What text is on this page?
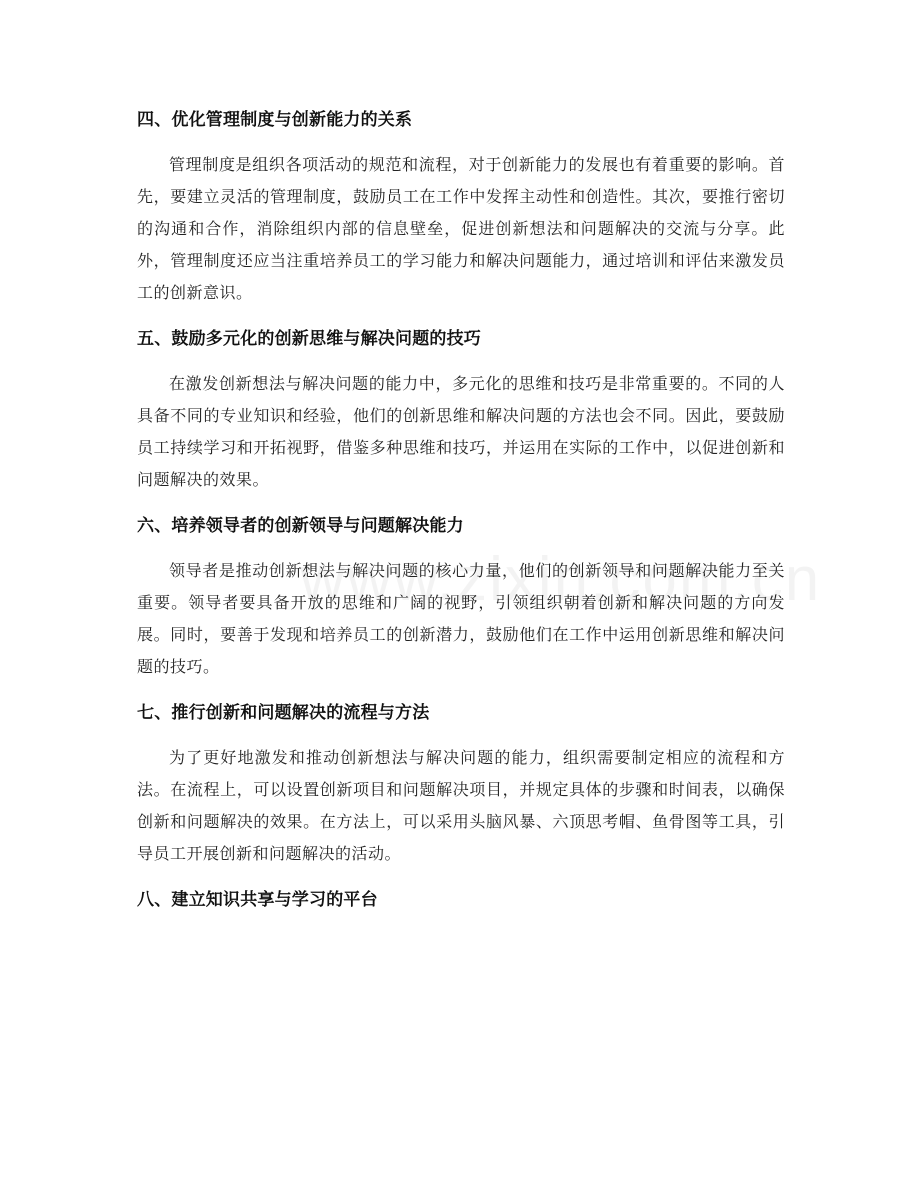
四、优化管理制度与创新能力的关系

管理制度是组织各项活动的规范和流程，对于创新能力的发展也有着重要的影响。首先，要建立灵活的管理制度，鼓励员工在工作中发挥主动性和创造性。其次，要推行密切的沟通和合作，消除组织内部的信息壁垒，促进创新想法和问题解决的交流与分享。此外，管理制度还应当注重培养员工的学习能力和解决问题能力，通过培训和评估来激发员工的创新意识。

五、鼓励多元化的创新思维与解决问题的技巧

在激发创新想法与解决问题的能力中，多元化的思维和技巧是非常重要的。不同的人具备不同的专业知识和经验，他们的创新思维和解决问题的方法也会不同。因此，要鼓励员工持续学习和开拓视野，借鉴多种思维和技巧，并运用在实际的工作中，以促进创新和问题解决的效果。

六、培养领导者的创新领导与问题解决能力

领导者是推动创新想法与解决问题的核心力量，他们的创新领导和问题解决能力至关重要。领导者要具备开放的思维和广阔的视野，引领组织朝着创新和解决问题的方向发展。同时，要善于发现和培养员工的创新潜力，鼓励他们在工作中运用创新思维和解决问题的技巧。

七、推行创新和问题解决的流程与方法

为了更好地激发和推动创新想法与解决问题的能力，组织需要制定相应的流程和方法。在流程上，可以设置创新项目和问题解决项目，并规定具体的步骤和时间表，以确保创新和问题解决的效果。在方法上，可以采用头脑风暴、六顶思考帽、鱼骨图等工具，引导员工开展创新和问题解决的活动。

八、建立知识共享与学习的平台
